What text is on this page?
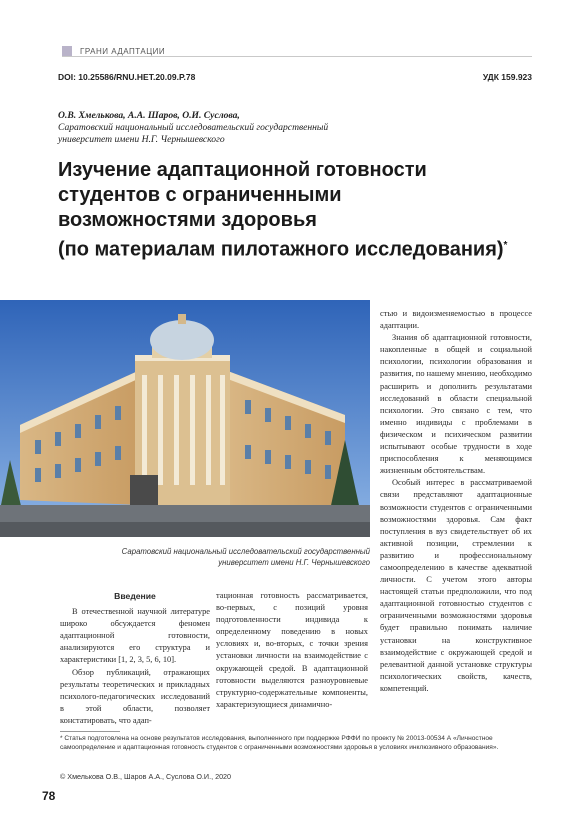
ГРАНИ АДАПТАЦИИ
DOI: 10.25586/RNU.HET.20.09.P.78	УДК 159.923
О.В. Хмелькова, А.А. Шаров, О.И. Суслова,
Саратовский национальный исследовательский государственный
университет имени Н.Г. Чернышевского
Изучение адаптационной готовности
студентов с ограниченными
возможностями здоровья
(по материалам пилотажного исследования)*
Саратовский национальный исследовательский государственный
университет имени Н.Г. Чернышевского
Введение

В отечественной научной литературе широко обсуждается феномен адаптационной готовности, анализируются его структура и характеристики [1, 2, 3, 5, 6, 10].

Обзор публикаций, отражающих результаты теоретических и прикладных психолого-педагогических исследований в этой области, позволяет констатировать, что адап-

тационная готовность рассматривается, во-первых, с позиций уровня подготовленности индивида к определенному поведению в новых условиях и, во-вторых, с точки зрения установки личности на взаимодействие с окружающей средой. В адаптационной готовности выделяются разноуровневые структурно-содержательные компоненты, характеризующиеся динамично-

стью и видоизменяемостью в процессе адаптации.

Знания об адаптационной готовности, накопленные в общей и социальной психологии, психологии образования и развития, по нашему мнению, необходимо расширить и дополнить результатами исследований в области специальной психологии. Это связано с тем, что именно индивиды с проблемами в физическом и психическом развитии испытывают особые трудности в ходе приспособления к меняющимся жизненным обстоятельствам.

Особый интерес в рассматриваемой связи представляют адаптационные возможности студентов с ограниченными возможностями здоровья. Сам факт поступления в вуз свидетельствует об их активной позиции, стремлении к развитию и профессиональному самоопределению в качестве адекватной личности. С учетом этого авторы настоящей статьи предположили, что под адаптационной готовностью студентов с ограниченными возможностями здоровья будет правильно понимать наличие установки на конструктивное взаимодействие с окружающей средой и релевантной данной установке структуры психологических свойств, качеств, компетенций.

* Статья подготовлена на основе результатов исследования, выполненного при поддержке РФФИ по проекту № 20013-00534 А «Личностное самоопределение и адаптационная готовность студентов с ограниченными возможностями здоровья в условиях инклюзивного образования».
© Хмелькова О.В., Шаров А.А., Суслова О.И., 2020
78
